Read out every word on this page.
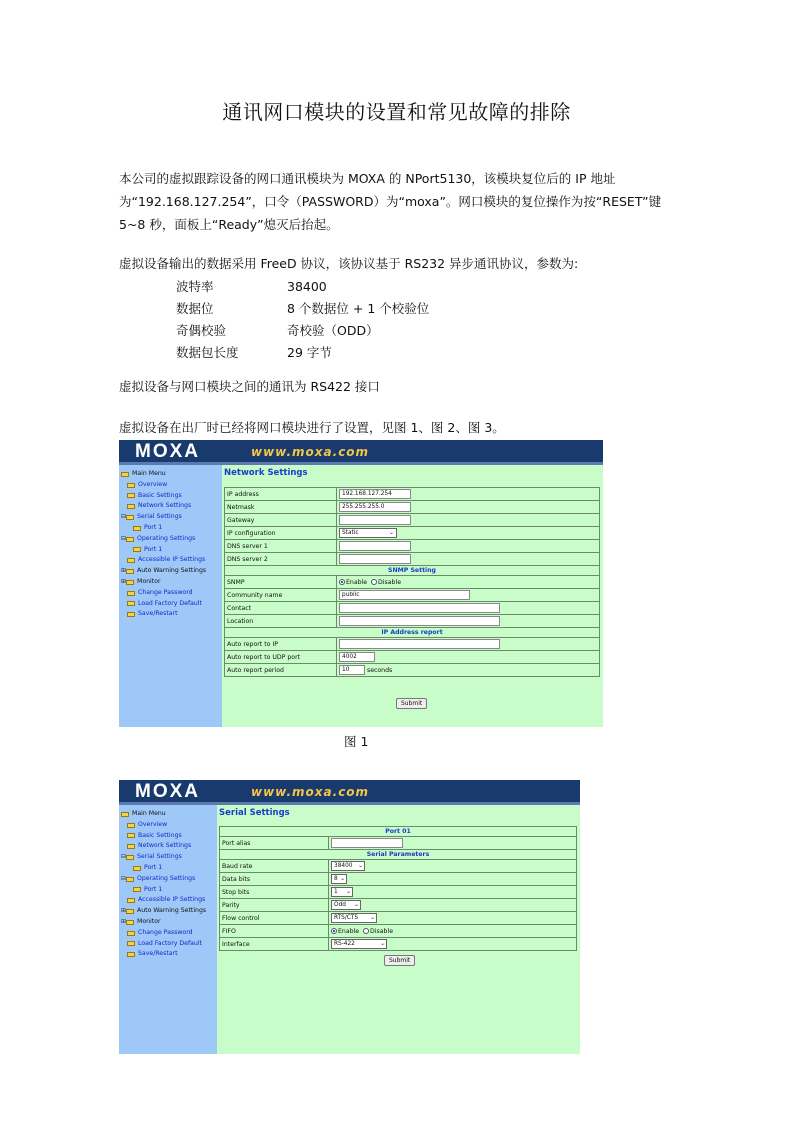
通讯网口模块的设置和常见故障的排除
本公司的虚拟跟踪设备的网口通讯模块为 MOXA 的 NPort5130，该模块复位后的 IP 地址为“192.168.127.254”，口令（PASSWORD）为“moxa”。网口模块的复位操作为按“RESET”键 5~8 秒，面板上“Ready”熄灭后抬起。
虚拟设备输出的数据采用 FreeD 协议，该协议基于 RS232 异步通讯协议，参数为:
波特率	38400
数据位	8 个数据位 + 1 个校验位
奇偶校验	奇校验（ODD）
数据包长度	29 字节
虚拟设备与网口模块之间的通讯为 RS422 接口
虚拟设备在出厂时已经将网口模块进行了设置，见图 1、图 2、图 3。
MOXA	www.moxa.com
Main Menu
Overview
Basic Settings
Network Settings
⊟ Serial Settings
Port 1
⊟ Operating Settings
Port 1
Accessible IP Settings
⊞ Auto Warning Settings
⊞ Monitor
Change Password
Load Factory Default
Save/Restart
Network Settings
IP address	192.168.127.254
Netmask	255.255.255.0
Gateway	
IP configuration	Static ⌄

DNS server 1	
DNS server 2	
SNMP Setting	
SNMP	Enable Disable
Community name	public
Contact	
Location	
IP Address report	
Auto report to IP	
Auto report to UDP port	4002
Auto report period	10 seconds
Submit
图 1
MOXA	www.moxa.com
Main Menu
Overview
Basic Settings
Network Settings
⊟ Serial Settings
Port 1
⊟ Operating Settings
Port 1
Accessible IP Settings
⊞ Auto Warning Settings
⊞ Monitor
Change Password
Load Factory Default
Save/Restart
Serial Settings
Port 01	
Port alias	
Serial Parameters	
Baud rate	38400 ⌄

Data bits	8 ⌄

Stop bits	1 ⌄

Parity	Odd ⌄

Flow control	RTS/CTS ⌄

FIFO	Enable Disable
Interface	RS-422 ⌄
Submit
